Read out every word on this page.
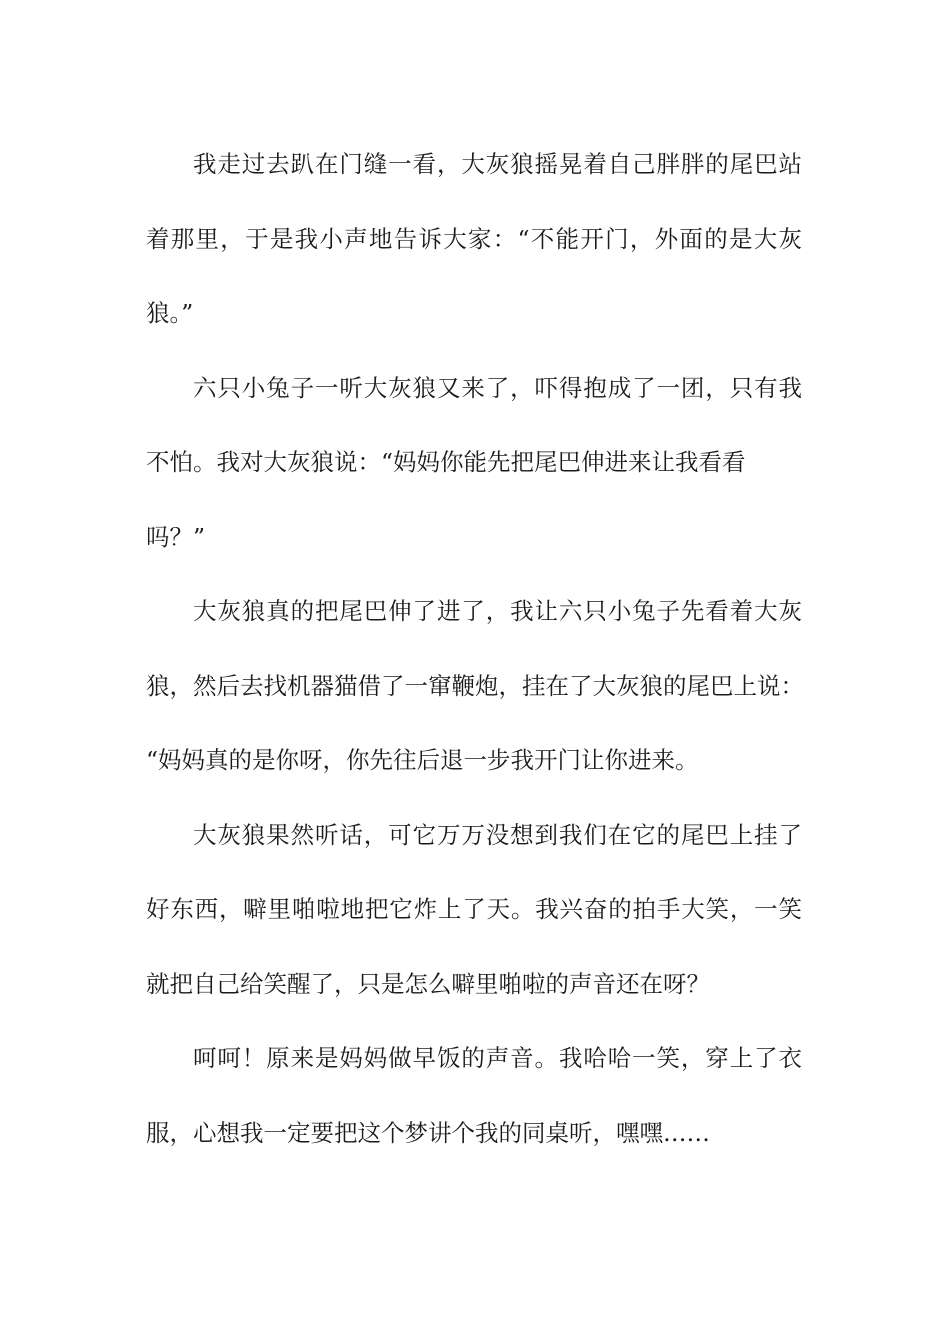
我走过去趴在门缝一看，大灰狼摇晃着自己胖胖的尾巴站
着那里，于是我小声地告诉大家：“不能开门，外面的是大灰
狼。”
六只小兔子一听大灰狼又来了，吓得抱成了一团，只有我
不怕。我对大灰狼说：“妈妈你能先把尾巴伸进来让我看看
吗？”
大灰狼真的把尾巴伸了进了，我让六只小兔子先看着大灰
狼，然后去找机器猫借了一窜鞭炮，挂在了大灰狼的尾巴上说：
“妈妈真的是你呀，你先往后退一步我开门让你进来。
大灰狼果然听话，可它万万没想到我们在它的尾巴上挂了
好东西，噼里啪啦地把它炸上了天。我兴奋的拍手大笑，一笑
就把自己给笑醒了，只是怎么噼里啪啦的声音还在呀？
呵呵！原来是妈妈做早饭的声音。我哈哈一笑，穿上了衣
服，心想我一定要把这个梦讲个我的同桌听，嘿嘿……
